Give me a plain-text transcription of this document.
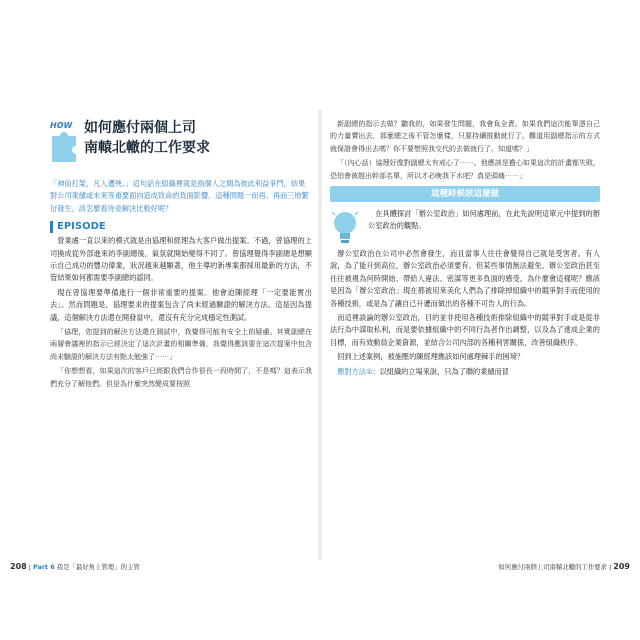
HOW 如何應付兩個上司
南轅北轍的工作要求
「神仙打架，凡人遭殃。」這句話在組織裡就是指個人之間為彼此利益爭鬥，結果對公司業績或未來等重要面向造成致命的負面影響。這種問題一而再、再而三地繁衍發生，該怎麼看待並解決比較好呢？
EPISODE

營業處一直以來的模式就是由協理和經理為大客戶做出提案。不過，曾協理的上司換成從外部進來的李副總後，氣氛就開始變得不同了。曾協理覺得李副總是想顯示自己成功的豐功偉業，狀況越來越顯著，他主導的新專案都採用最新的方法，不管結果如何都需要李副總的認同。

現在曾協理要準備進行一個非常重要的提案。他會迫陳經理「一定要能實出去」。然而問題是，協理要求的提案包含了尚未經過驗證的解決方法。這是因為提議，這個解決方法還在開發當中，還沒有充分完成穩定性測試。

「協理，您提到的解決方法還在測試中，我覺得可能有安全上的疑慮。其實副總在兩層會議裡的指示已經決定了這次計畫的相關準備，我覺得應該要在這次提案中包含尚未驗證的解決方法有點太勉強了⋯⋯」

「你想想看，如果這次的客戶已經跟我們合作很長一段時間了，不是嗎？這表示我們充分了解他們。但是為什麼突然變成要按照

新副總的指示去做？聽我的，如果發生問題，我會負全責。如果我們這次能單憑自己的力量賣出去，那麼總之後不管怎麼樣，只要持續推動就行了。難道用副總指示的方式就保證會得出去嗎？你不要想照我交代的去做就行了。知道嗎？」

「（內心話）協理好像對副總太有戒心了⋯⋯。他應該是擔心如果這次的計畫都失敗，恐怕會被趕出幹部名單，所以才必晚我下水吧？真是頭痛⋯⋯」

這種時候該這麼做

在具體探討「辦公室政治」如何處理前，在此先說明這單元中提到的辦公室政治的觀點。

辦公室政治在公司中必然會發生，而且當事人往往會覺得自己就是受害者。有人說，為了能升到高位，辦公室政治必須要有。但某些事情無法避免，辦公室政治甚至往往被視為何時開始、帶給人違法、密謀等更多負面的感受。為什麼會這樣呢？應該是因為「辦公室政治」現在都被用來美化人們為了排除掉組織中的競爭對手而使用的各種技術，或是為了讓自己升遷而做出的各種不可告人的行為。

而這裡談論的辦公室政治，目的並非使用各種技術排除組織中的競爭對手或是從非法行為中謀取私利，而是要依據組織中的不同行為者作出調整，以及為了達成企業的目標，而有效動員企業資源，並結合公司內部的各種利害關係，改善組織秩序。

回到上述案例，被施壓的陳經理應該如何處理棘手的困境？

應對方法①：以組織的立場來說，只為了聯的業績而冒

208 | Part 6 我是「最好角上管理」的主管	如何應付兩個上司南轅北轍的工作要求 | 209
